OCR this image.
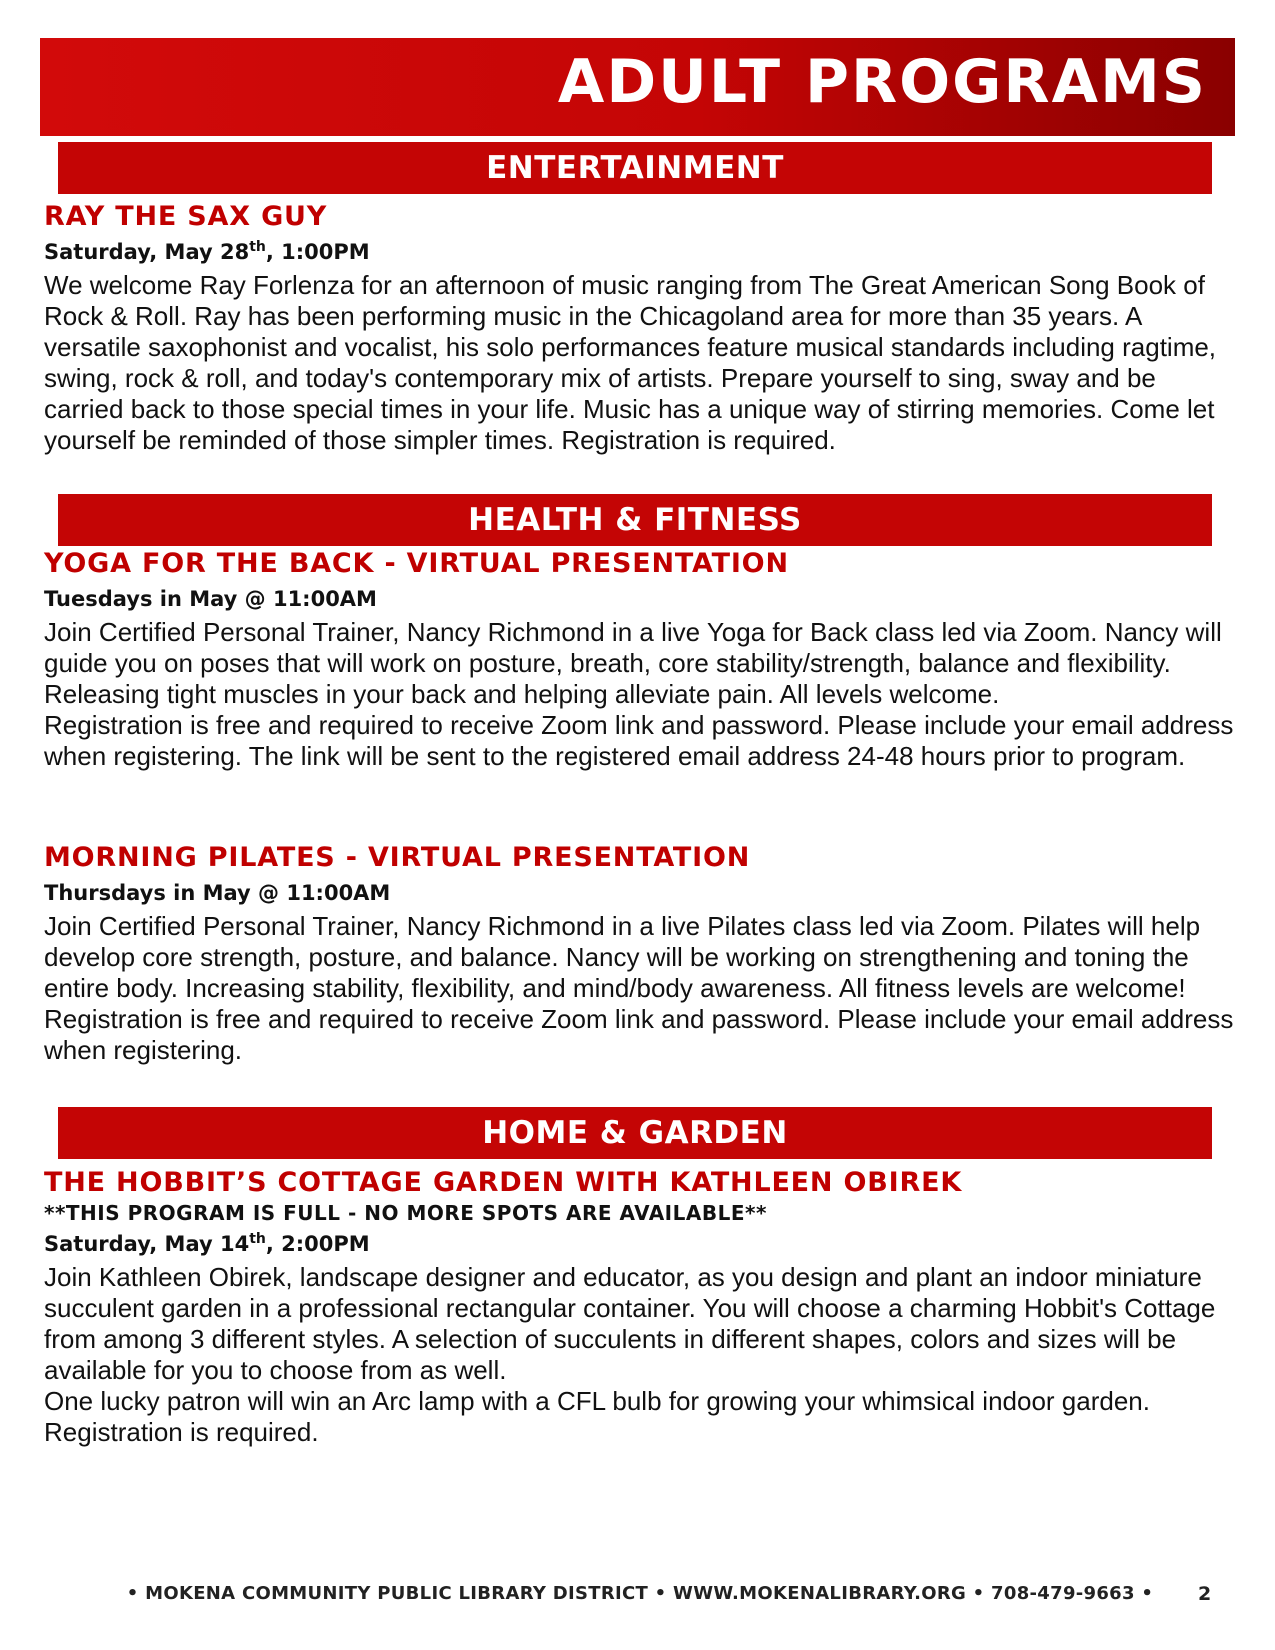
ADULT PROGRAMS
ENTERTAINMENT
RAY THE SAX GUY
Saturday, May 28th, 1:00PM
We welcome Ray Forlenza for an afternoon of music ranging from The Great American Song Book of Rock & Roll. Ray has been performing music in the Chicagoland area for more than 35 years. A versatile saxophonist and vocalist, his solo performances feature musical standards including ragtime, swing, rock & roll, and today's contemporary mix of artists. Prepare yourself to sing, sway and be carried back to those special times in your life. Music has a unique way of stirring memories. Come let yourself be reminded of those simpler times. Registration is required.
HEALTH & FITNESS
YOGA FOR THE BACK - VIRTUAL PRESENTATION
Tuesdays in May @ 11:00AM
Join Certified Personal Trainer, Nancy Richmond in a live Yoga for Back class led via Zoom. Nancy will guide you on poses that will work on posture, breath, core stability/strength, balance and flexibility. Releasing tight muscles in your back and helping alleviate pain. All levels welcome.
Registration is free and required to receive Zoom link and password. Please include your email address when registering. The link will be sent to the registered email address 24-48 hours prior to program.
MORNING PILATES - VIRTUAL PRESENTATION
Thursdays in May @ 11:00AM
Join Certified Personal Trainer, Nancy Richmond in a live Pilates class led via Zoom. Pilates will help develop core strength, posture, and balance. Nancy will be working on strengthening and toning the entire body. Increasing stability, flexibility, and mind/body awareness. All fitness levels are welcome!
Registration is free and required to receive Zoom link and password. Please include your email address when registering.
HOME & GARDEN
THE HOBBIT’S COTTAGE GARDEN WITH KATHLEEN OBIREK
**THIS PROGRAM IS FULL - NO MORE SPOTS ARE AVAILABLE**
Saturday, May 14th, 2:00PM
Join Kathleen Obirek, landscape designer and educator, as you design and plant an indoor miniature succulent garden in a professional rectangular container. You will choose a charming Hobbit's Cottage from among 3 different styles. A selection of succulents in different shapes, colors and sizes will be available for you to choose from as well.
One lucky patron will win an Arc lamp with a CFL bulb for growing your whimsical indoor garden. Registration is required.
• MOKENA COMMUNITY PUBLIC LIBRARY DISTRICT • WWW.MOKENALIBRARY.ORG • 708-479-9663 •	2
